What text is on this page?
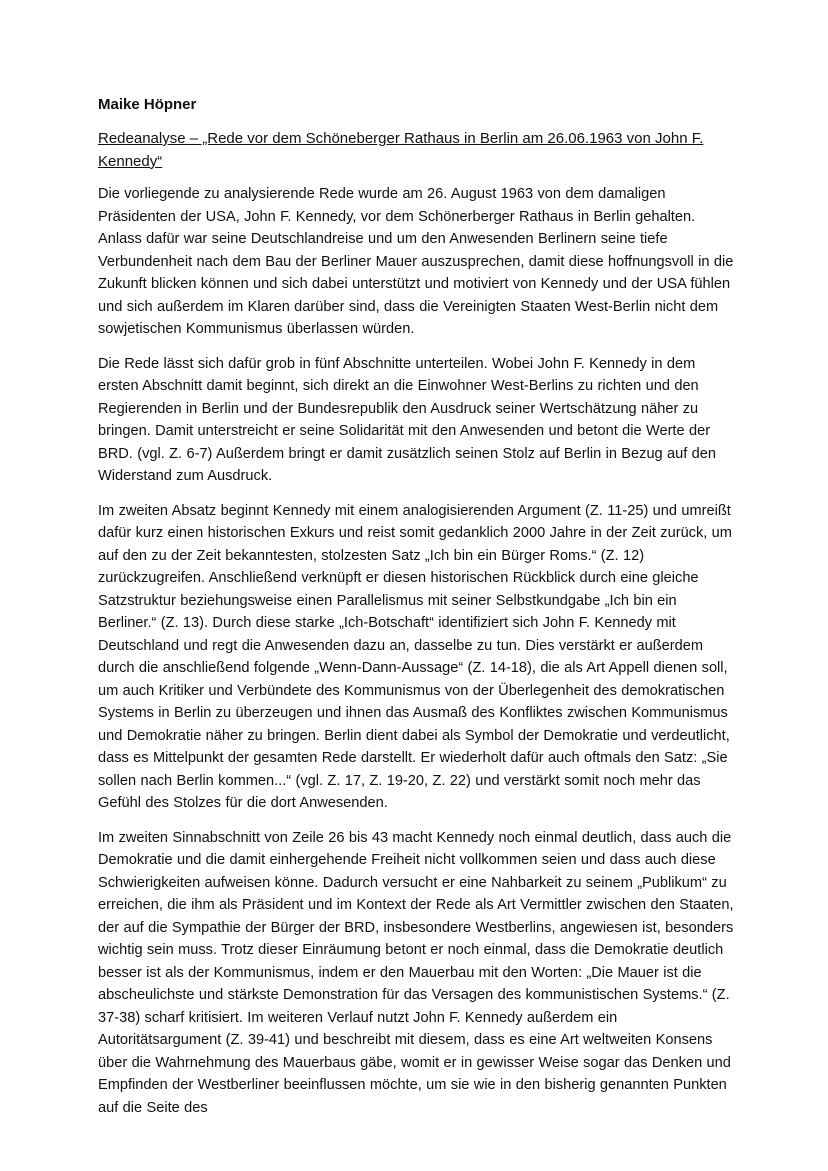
Maike Höpner

Redeanalyse – „Rede vor dem Schöneberger Rathaus in Berlin am 26.06.1963 von John F. Kennedy“

Die vorliegende zu analysierende Rede wurde am 26. August 1963 von dem damaligen Präsidenten der USA, John F. Kennedy, vor dem Schönerberger Rathaus in Berlin gehalten. Anlass dafür war seine Deutschlandreise und um den Anwesenden Berlinern seine tiefe Verbundenheit nach dem Bau der Berliner Mauer auszusprechen, damit diese hoffnungsvoll in die Zukunft blicken können und sich dabei unterstützt und motiviert von Kennedy und der USA fühlen und sich außerdem im Klaren darüber sind, dass die Vereinigten Staaten West-Berlin nicht dem sowjetischen Kommunismus überlassen würden.

Die Rede lässt sich dafür grob in fünf Abschnitte unterteilen. Wobei John F. Kennedy in dem ersten Abschnitt damit beginnt, sich direkt an die Einwohner West-Berlins zu richten und den Regierenden in Berlin und der Bundesrepublik den Ausdruck seiner Wertschätzung näher zu bringen. Damit unterstreicht er seine Solidarität mit den Anwesenden und betont die Werte der BRD. (vgl. Z. 6-7) Außerdem bringt er damit zusätzlich seinen Stolz auf Berlin in Bezug auf den Widerstand zum Ausdruck.

Im zweiten Absatz beginnt Kennedy mit einem analogisierenden Argument (Z. 11-25) und umreißt dafür kurz einen historischen Exkurs und reist somit gedanklich 2000 Jahre in der Zeit zurück, um auf den zu der Zeit bekanntesten, stolzesten Satz „Ich bin ein Bürger Roms.“ (Z. 12) zurückzugreifen. Anschließend verknüpft er diesen historischen Rückblick durch eine gleiche Satzstruktur beziehungsweise einen Parallelismus mit seiner Selbstkundgabe „Ich bin ein Berliner.“ (Z. 13). Durch diese starke „Ich-Botschaft“ identifiziert sich John F. Kennedy mit Deutschland und regt die Anwesenden dazu an, dasselbe zu tun. Dies verstärkt er außerdem durch die anschließend folgende „Wenn-Dann-Aussage“ (Z. 14-18), die als Art Appell dienen soll, um auch Kritiker und Verbündete des Kommunismus von der Überlegenheit des demokratischen Systems in Berlin zu überzeugen und ihnen das Ausmaß des Konfliktes zwischen Kommunismus und Demokratie näher zu bringen. Berlin dient dabei als Symbol der Demokratie und verdeutlicht, dass es Mittelpunkt der gesamten Rede darstellt. Er wiederholt dafür auch oftmals den Satz: „Sie sollen nach Berlin kommen...“ (vgl. Z. 17, Z. 19-20, Z. 22) und verstärkt somit noch mehr das Gefühl des Stolzes für die dort Anwesenden.

Im zweiten Sinnabschnitt von Zeile 26 bis 43 macht Kennedy noch einmal deutlich, dass auch die Demokratie und die damit einhergehende Freiheit nicht vollkommen seien und dass auch diese Schwierigkeiten aufweisen könne. Dadurch versucht er eine Nahbarkeit zu seinem „Publikum“ zu erreichen, die ihm als Präsident und im Kontext der Rede als Art Vermittler zwischen den Staaten, der auf die Sympathie der Bürger der BRD, insbesondere Westberlins, angewiesen ist, besonders wichtig sein muss. Trotz dieser Einräumung betont er noch einmal, dass die Demokratie deutlich besser ist als der Kommunismus, indem er den Mauerbau mit den Worten: „Die Mauer ist die abscheulichste und stärkste Demonstration für das Versagen des kommunistischen Systems.“ (Z. 37-38) scharf kritisiert. Im weiteren Verlauf nutzt John F. Kennedy außerdem ein Autoritätsargument (Z. 39-41) und beschreibt mit diesem, dass es eine Art weltweiten Konsens über die Wahrnehmung des Mauerbaus gäbe, womit er in gewisser Weise sogar das Denken und Empfinden der Westberliner beeinflussen möchte, um sie wie in den bisherig genannten Punkten auf die Seite des
